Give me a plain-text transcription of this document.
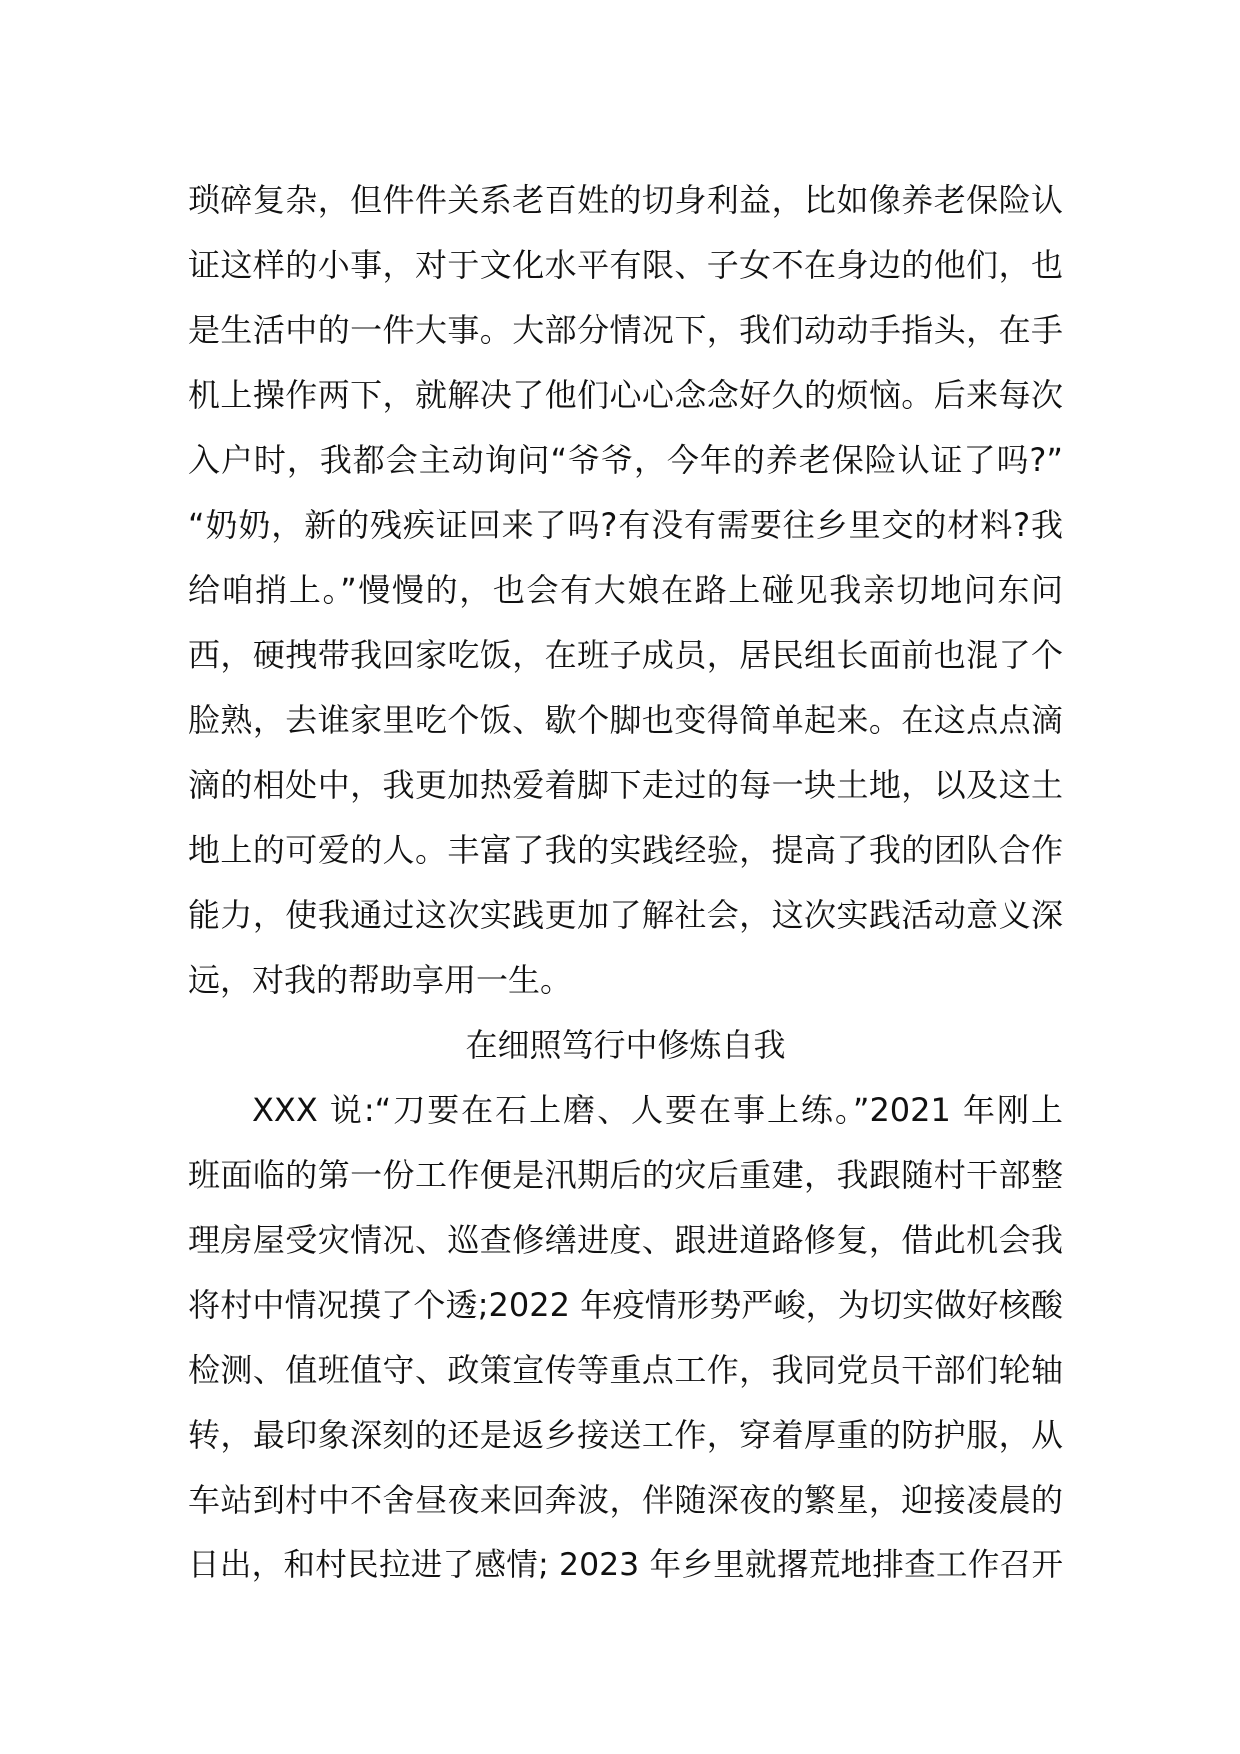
琐碎复杂，但件件关系老百姓的切身利益，比如像养老保险认
证这样的小事，对于文化水平有限、子女不在身边的他们，也
是生活中的一件大事。大部分情况下，我们动动手指头，在手
机上操作两下，就解决了他们心心念念好久的烦恼。后来每次
入户时，我都会主动询问“爷爷，今年的养老保险认证了吗?”
“奶奶，新的残疾证回来了吗?有没有需要往乡里交的材料?我
给咱捎上。”慢慢的，也会有大娘在路上碰见我亲切地问东问
西，硬拽带我回家吃饭，在班子成员，居民组长面前也混了个
脸熟，去谁家里吃个饭、歇个脚也变得简单起来。在这点点滴
滴的相处中，我更加热爱着脚下走过的每一块土地，以及这土
地上的可爱的人。丰富了我的实践经验，提高了我的团队合作
能力，使我通过这次实践更加了解社会，这次实践活动意义深
远，对我的帮助享用一生。
在细照笃行中修炼自我
XXX 说:“刀要在石上磨、人要在事上练。”2021 年刚上
班面临的第一份工作便是汛期后的灾后重建，我跟随村干部整
理房屋受灾情况、巡查修缮进度、跟进道路修复，借此机会我
将村中情况摸了个透;2022 年疫情形势严峻，为切实做好核酸
检测、值班值守、政策宣传等重点工作，我同党员干部们轮轴
转，最印象深刻的还是返乡接送工作，穿着厚重的防护服，从
车站到村中不舍昼夜来回奔波，伴随深夜的繁星，迎接凌晨的
日出，和村民拉进了感情; 2023 年乡里就撂荒地排查工作召开
